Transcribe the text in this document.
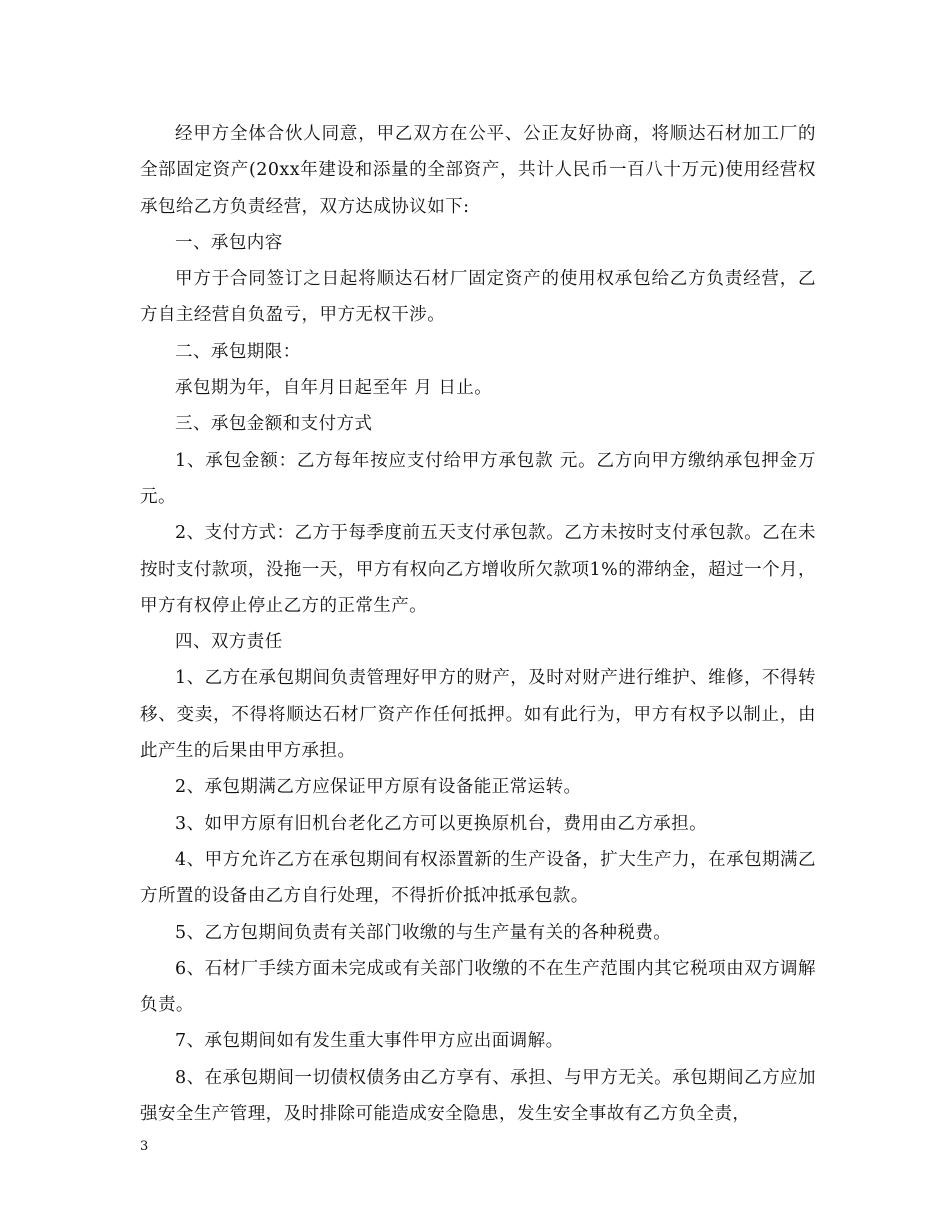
经甲方全体合伙人同意，甲乙双方在公平、公正友好协商，将顺达石材加工厂的全部固定资产(20xx年建设和添量的全部资产，共计人民币一百八十万元)使用经营权承包给乙方负责经营，双方达成协议如下:

一、承包内容

甲方于合同签订之日起将顺达石材厂固定资产的使用权承包给乙方负责经营，乙方自主经营自负盈亏，甲方无权干涉。

二、承包期限：

承包期为年，自年月日起至年 月 日止。

三、承包金额和支付方式

1、承包金额：乙方每年按应支付给甲方承包款 元。乙方向甲方缴纳承包押金万元。

2、支付方式：乙方于每季度前五天支付承包款。乙方未按时支付承包款。乙在未按时支付款项，没拖一天，甲方有权向乙方增收所欠款项1%的滞纳金，超过一个月，甲方有权停止停止乙方的正常生产。

四、双方责任

1、乙方在承包期间负责管理好甲方的财产，及时对财产进行维护、维修，不得转移、变卖，不得将顺达石材厂资产作任何抵押。如有此行为，甲方有权予以制止，由此产生的后果由甲方承担。

2、承包期满乙方应保证甲方原有设备能正常运转。

3、如甲方原有旧机台老化乙方可以更换原机台，费用由乙方承担。

4、甲方允许乙方在承包期间有权添置新的生产设备，扩大生产力，在承包期满乙方所置的设备由乙方自行处理，不得折价抵冲抵承包款。

5、乙方包期间负责有关部门收缴的与生产量有关的各种税费。

6、石材厂手续方面未完成或有关部门收缴的不在生产范围内其它税项由双方调解负责。

7、承包期间如有发生重大事件甲方应出面调解。

8、在承包期间一切债权债务由乙方享有、承担、与甲方无关。承包期间乙方应加强安全生产管理，及时排除可能造成安全隐患，发生安全事故有乙方负全责，

3
